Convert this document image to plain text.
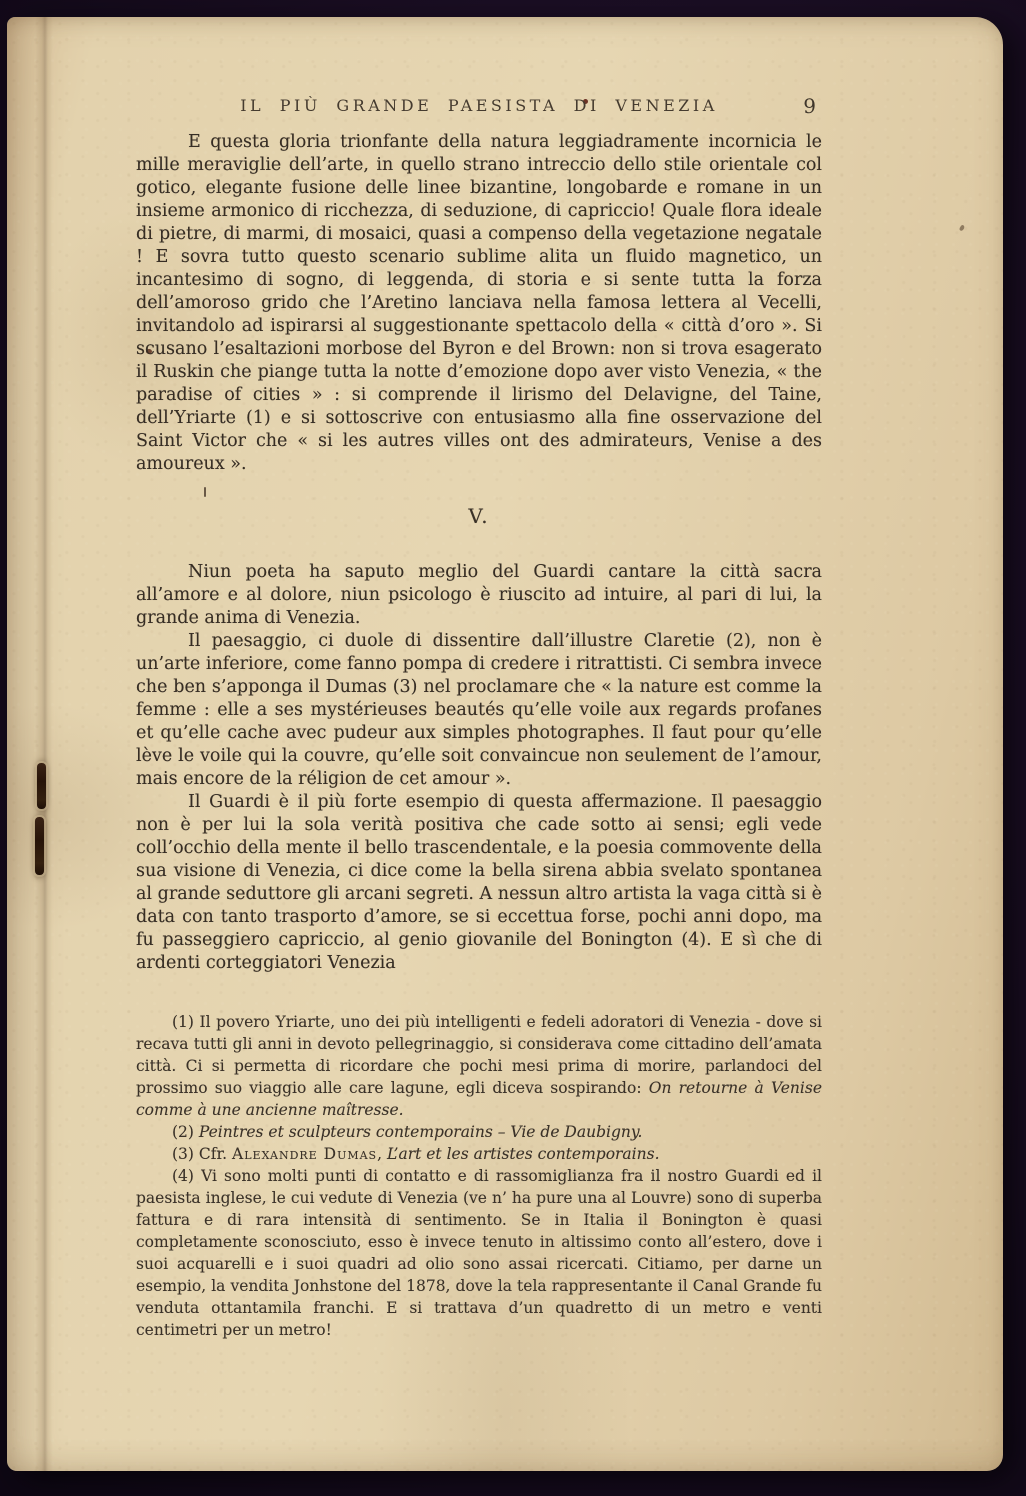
IL PIÙ GRANDE PAESISTA DI VENEZIA	9

E questa gloria trionfante della natura leggiadramente incornicia le mille meraviglie dell’arte, in quello strano intreccio dello stile orientale col gotico, elegante fusione delle linee bizantine, longobarde e romane in un insieme armonico di ricchezza, di seduzione, di capriccio! Quale flora ideale di pietre, di marmi, di mosaici, quasi a compenso della vegetazione negatale ! E sovra tutto questo scenario sublime alita un fluido magnetico, un incantesimo di sogno, di leggenda, di storia e si sente tutta la forza dell’amoroso grido che l’Aretino lanciava nella famosa lettera al Vecelli, invitandolo ad ispirarsi al suggestionante spettacolo della « città d’oro ». Si scusano l’esaltazioni morbose del Byron e del Brown: non si trova esagerato il Ruskin che piange tutta la notte d’emozione dopo aver visto Venezia, « the paradise of cities » : si comprende il lirismo del Delavigne, del Taine, dell’Yriarte (1) e si sottoscrive con entusiasmo alla fine osservazione del Saint Victor che « si les autres villes ont des admirateurs, Venise a des amoureux ».

V.

Niun poeta ha saputo meglio del Guardi cantare la città sacra all’amore e al dolore, niun psicologo è riuscito ad intuire, al pari di lui, la grande anima di Venezia.

Il paesaggio, ci duole di dissentire dall’illustre Claretie (2), non è un’arte inferiore, come fanno pompa di credere i ritrattisti. Ci sembra invece che ben s’apponga il Dumas (3) nel proclamare che « la nature est comme la femme : elle a ses mystérieuses beautés qu’elle voile aux regards profanes et qu’elle cache avec pudeur aux simples photographes. Il faut pour qu’elle lève le voile qui la couvre, qu’elle soit convaincue non seulement de l’amour, mais encore de la réligion de cet amour ».

Il Guardi è il più forte esempio di questa affermazione. Il paesaggio non è per lui la sola verità positiva che cade sotto ai sensi; egli vede coll’occhio della mente il bello trascendentale, e la poesia commovente della sua visione di Venezia, ci dice come la bella sirena abbia svelato spontanea al grande seduttore gli arcani segreti. A nessun altro artista la vaga città si è data con tanto trasporto d’amore, se si eccettua forse, pochi anni dopo, ma fu passeggiero capriccio, al genio giovanile del Bonington (4). E sì che di ardenti corteggiatori Venezia

(1) Il povero Yriarte, uno dei più intelligenti e fedeli adoratori di Venezia - dove si recava tutti gli anni in devoto pellegrinaggio, si considerava come cittadino dell’amata città. Ci si permetta di ricordare che pochi mesi prima di morire, parlandoci del prossimo suo viaggio alle care lagune, egli diceva sospirando: On retourne à Venise comme à une ancienne maîtresse.

(2) Peintres et sculpteurs contemporains – Vie de Daubigny.

(3) Cfr. Alexandre Dumas, L’art et les artistes contemporains.

(4) Vi sono molti punti di contatto e di rassomiglianza fra il nostro Guardi ed il paesista inglese, le cui vedute di Venezia (ve n’ ha pure una al Louvre) sono di superba fattura e di rara intensità di sentimento. Se in Italia il Bonington è quasi completamente sconosciuto, esso è invece tenuto in altissimo conto all’estero, dove i suoi acquarelli e i suoi quadri ad olio sono assai ricercati. Citiamo, per darne un esempio, la vendita Jonhstone del 1878, dove la tela rappresentante il Canal Grande fu venduta ottantamila franchi. E si trattava d’un quadretto di un metro e venti centimetri per un metro!
